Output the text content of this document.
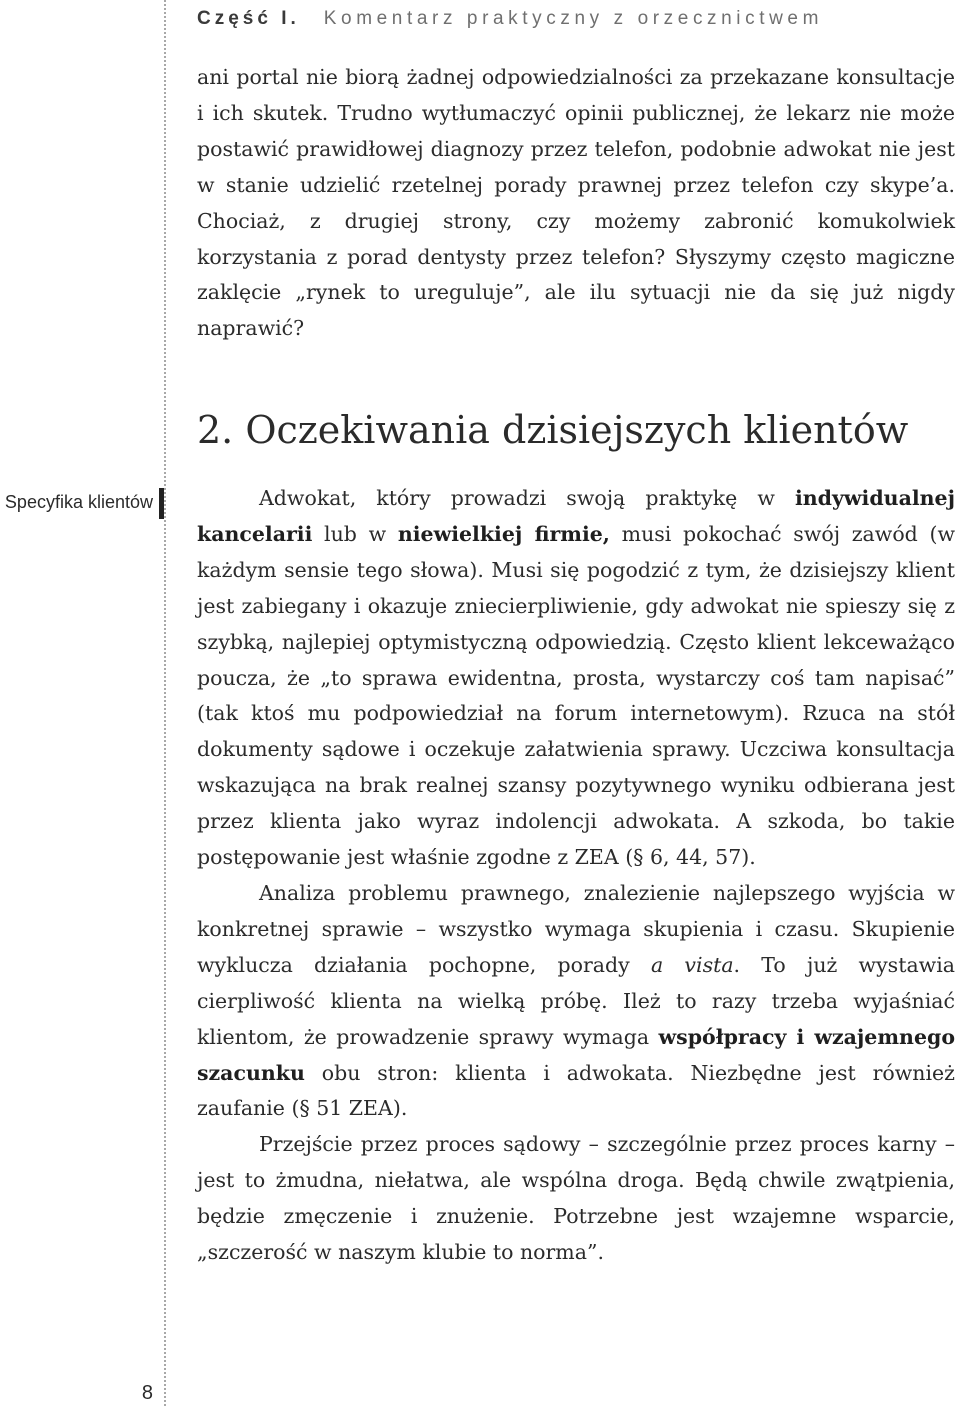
Część I. Komentarz praktyczny z orzecznictwem

ani portal nie biorą żadnej odpowiedzialności za przekazane konsultacje i ich skutek. Trudno wytłumaczyć opinii publicznej, że lekarz nie może postawić prawidłowej diagnozy przez telefon, podobnie adwokat nie jest w stanie udzielić rzetelnej porady prawnej przez telefon czy skype’a. Chociaż, z drugiej strony, czy możemy zabronić komukolwiek korzystania z porad dentysty przez telefon? Słyszymy często magiczne zaklęcie „rynek to ureguluje”, ale ilu sytuacji nie da się już nigdy naprawić?

2. Oczekiwania dzisiejszych klientów
Specyfika klientów	Adwokat, który prowadzi swoją praktykę w indywidualnej kancelarii lub w niewielkiej firmie, musi pokochać swój zawód (w każdym sensie tego słowa). Musi się pogodzić z tym, że dzisiejszy klient jest zabiegany i okazuje zniecierpliwienie, gdy adwokat nie spieszy się z szybką, najlepiej optymistyczną odpowiedzią. Często klient lekceważąco poucza, że „to sprawa ewidentna, prosta, wystarczy coś tam napisać” (tak ktoś mu podpowiedział na forum internetowym). Rzuca na stół dokumenty sądowe i oczekuje załatwienia sprawy. Uczciwa konsultacja wskazująca na brak realnej szansy pozytywnego wyniku odbierana jest przez klienta jako wyraz indolencji adwokata. A szkoda, bo takie postępowanie jest właśnie zgodne z ZEA (§ 6, 44, 57).

Analiza problemu prawnego, znalezienie najlepszego wyjścia w konkretnej sprawie – wszystko wymaga skupienia i czasu. Skupienie wyklucza działania pochopne, porady a vista. To już wystawia cierpliwość klienta na wielką próbę. Ileż to razy trzeba wyjaśniać klientom, że prowadzenie sprawy wymaga współpracy i wzajemnego szacunku obu stron: klienta i adwokata. Niezbędne jest również zaufanie (§ 51 ZEA).

Przejście przez proces sądowy – szczególnie przez proces karny – jest to żmudna, niełatwa, ale wspólna droga. Będą chwile zwątpienia, będzie zmęczenie i znużenie. Potrzebne jest wzajemne wsparcie, „szczerość w naszym klubie to norma”.

8
